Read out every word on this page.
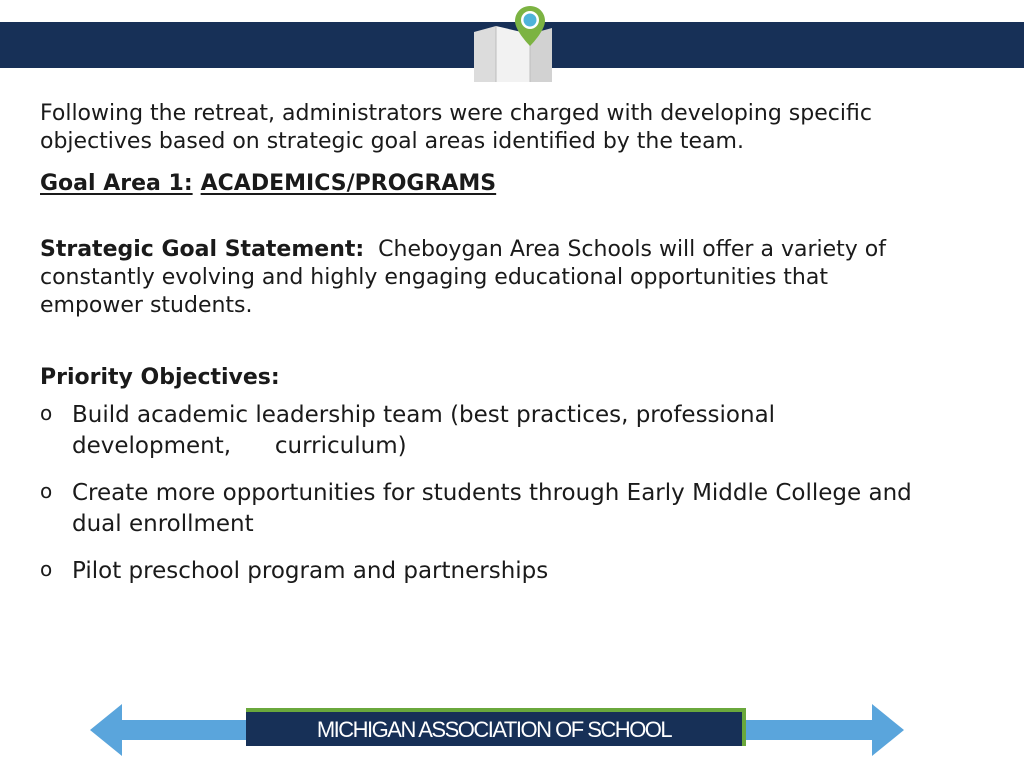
Following the retreat, administrators were charged with developing specific objectives based on strategic goal areas identified by the team.

Goal Area 1: ACADEMICS/PROGRAMS

Strategic Goal Statement: Cheboygan Area Schools will offer a variety of constantly evolving and highly engaging educational opportunities that empower students.

Priority Objectives:

o Build academic leadership team (best practices, professional development,      curriculum)
o Create more opportunities for students through Early Middle College and        dual enrollment
o Pilot preschool program and partnerships
MICHIGAN ASSOCIATION OF SCHOOL
